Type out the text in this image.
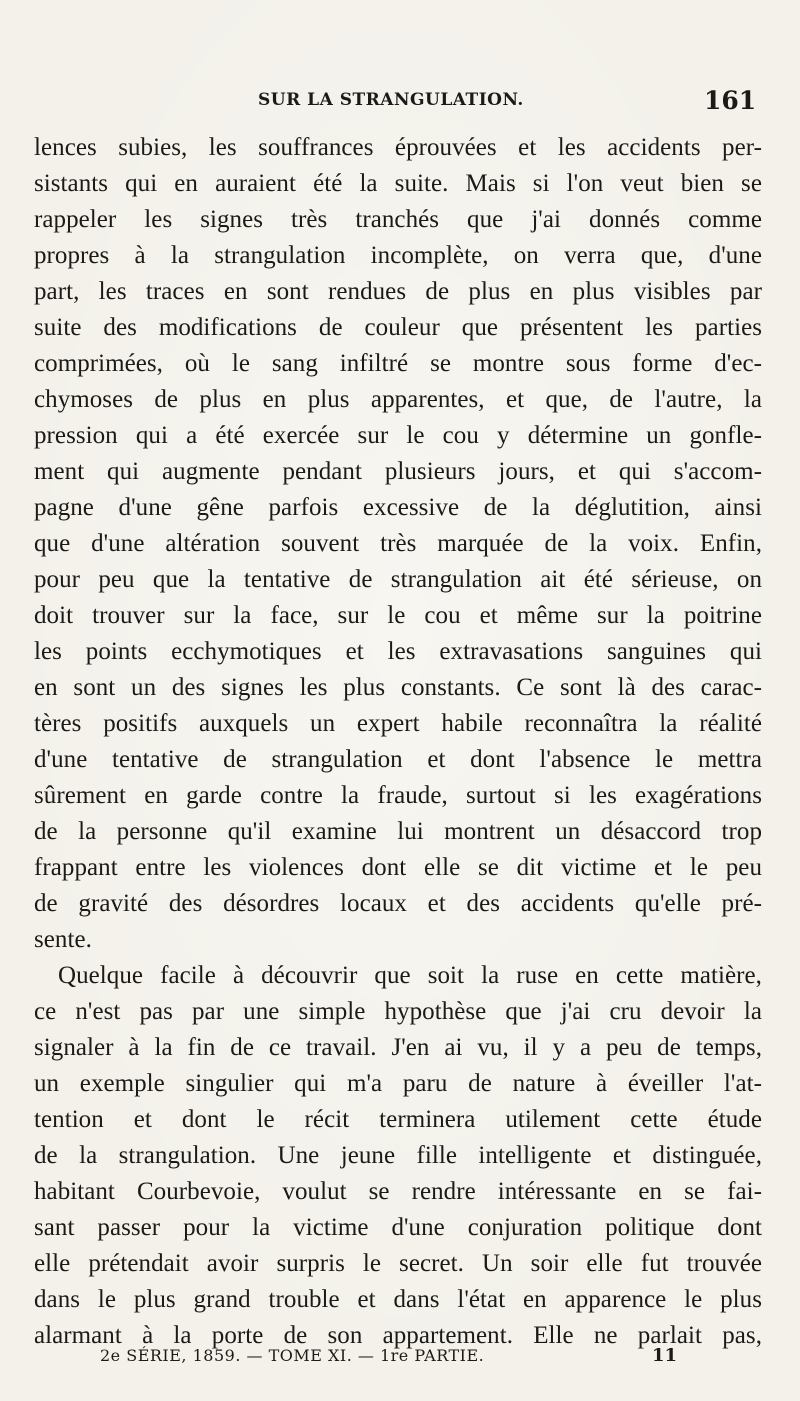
SUR LA STRANGULATION.	161
lences subies, les souffrances éprouvées et les accidents per-
sistants qui en auraient été la suite. Mais si l'on veut bien se
rappeler les signes très tranchés que j'ai donnés comme
propres à la strangulation incomplète, on verra que, d'une
part, les traces en sont rendues de plus en plus visibles par
suite des modifications de couleur que présentent les parties
comprimées, où le sang infiltré se montre sous forme d'ec-
chymoses de plus en plus apparentes, et que, de l'autre, la
pression qui a été exercée sur le cou y détermine un gonfle-
ment qui augmente pendant plusieurs jours, et qui s'accom-
pagne d'une gêne parfois excessive de la déglutition, ainsi
que d'une altération souvent très marquée de la voix. Enfin,
pour peu que la tentative de strangulation ait été sérieuse, on
doit trouver sur la face, sur le cou et même sur la poitrine
les points ecchymotiques et les extravasations sanguines qui
en sont un des signes les plus constants. Ce sont là des carac-
tères positifs auxquels un expert habile reconnaîtra la réalité
d'une tentative de strangulation et dont l'absence le mettra
sûrement en garde contre la fraude, surtout si les exagérations
de la personne qu'il examine lui montrent un désaccord trop
frappant entre les violences dont elle se dit victime et le peu
de gravité des désordres locaux et des accidents qu'elle pré-
sente.
Quelque facile à découvrir que soit la ruse en cette matière,
ce n'est pas par une simple hypothèse que j'ai cru devoir la
signaler à la fin de ce travail. J'en ai vu, il y a peu de temps,
un exemple singulier qui m'a paru de nature à éveiller l'at-
tention et dont le récit terminera utilement cette étude
de la strangulation. Une jeune fille intelligente et distinguée,
habitant Courbevoie, voulut se rendre intéressante en se fai-
sant passer pour la victime d'une conjuration politique dont
elle prétendait avoir surpris le secret. Un soir elle fut trouvée
dans le plus grand trouble et dans l'état en apparence le plus
alarmant à la porte de son appartement. Elle ne parlait pas,
2e SÉRIE, 1859. — TOME XI. — 1re PARTIE.	11
